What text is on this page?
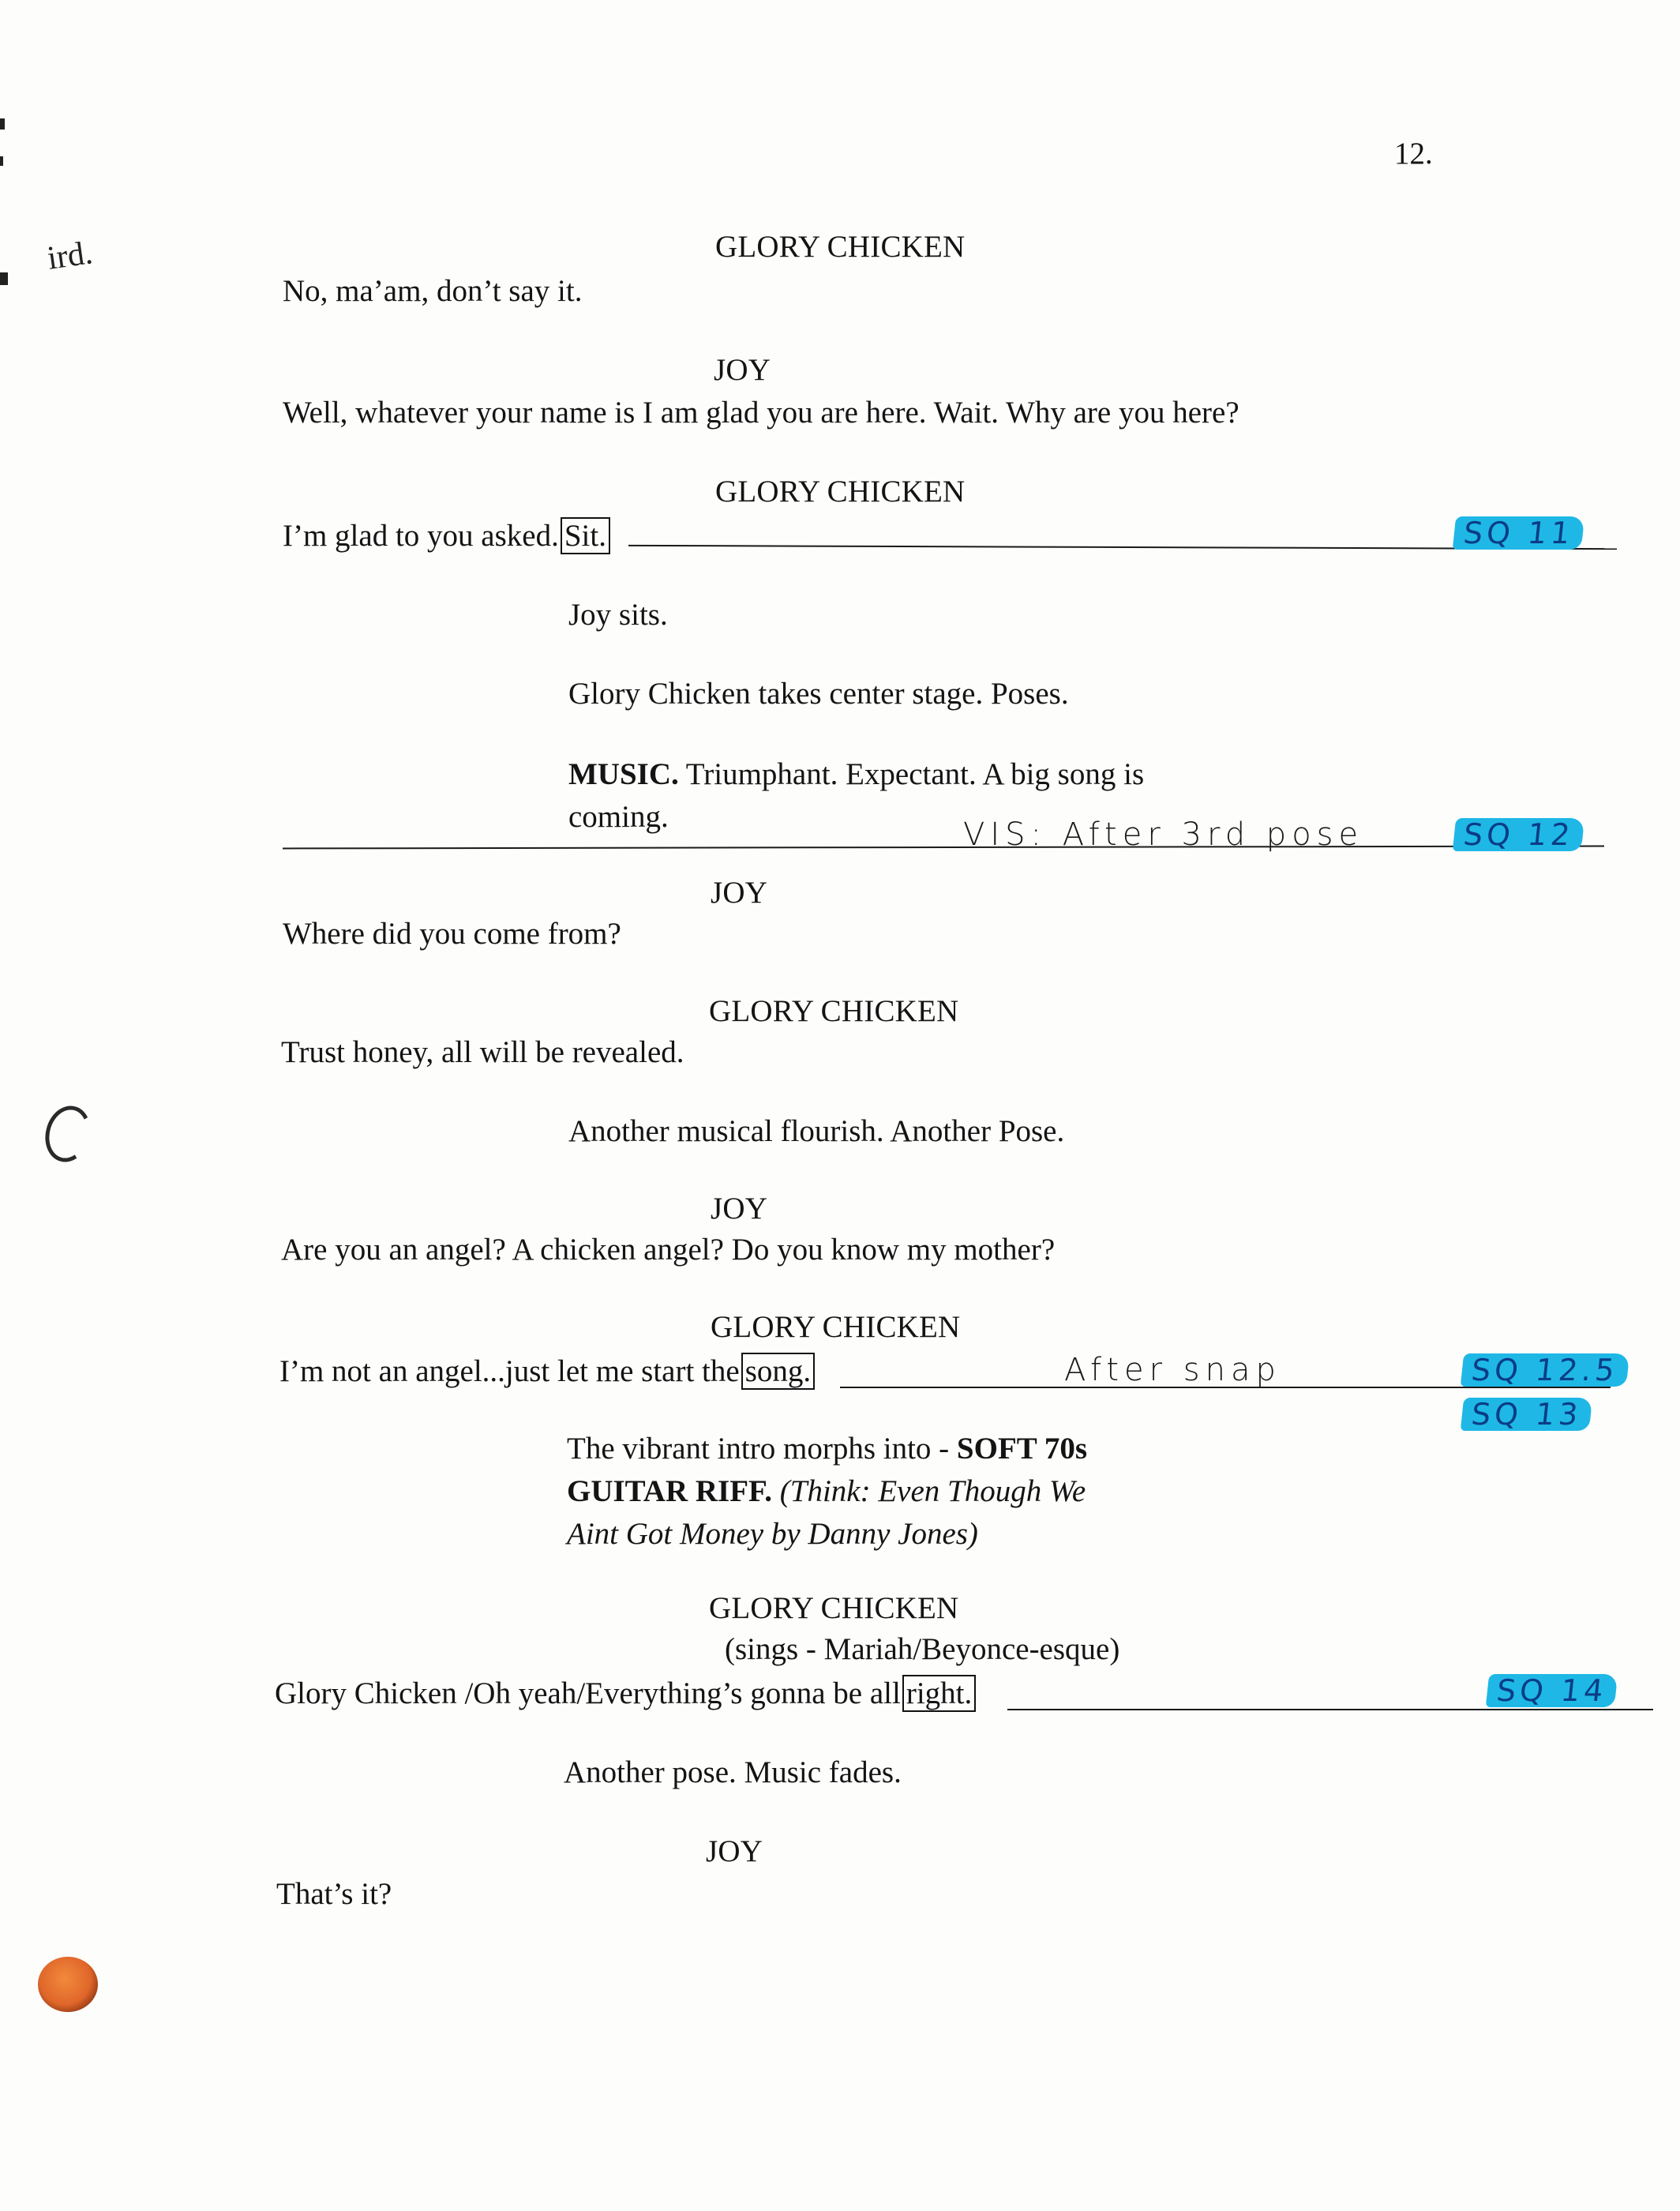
12.
ird.	GLORY CHICKEN
No, ma’am, don’t say it.
JOY
Well, whatever your name is I am glad you are here. Wait. Why are you here?
GLORY CHICKEN
I’m glad to you asked. Sit.	SQ 11
Joy sits.
Glory Chicken takes center stage. Poses.
MUSIC. Triumphant. Expectant. A big song is coming.	VIS: After 3rd pose	SQ 12
JOY
Where did you come from?
GLORY CHICKEN
Trust honey, all will be revealed.
Another musical flourish. Another Pose.
JOY
Are you an angel? A chicken angel? Do you know my mother?
GLORY CHICKEN
I’m not an angel...just let me start the song.	After snap	SQ 12.5
SQ 13
The vibrant intro morphs into - SOFT 70s GUITAR RIFF. (Think: Even Though We Aint Got Money by Danny Jones)
GLORY CHICKEN
(sings - Mariah/Beyonce-esque)
Glory Chicken /Oh yeah/Everything’s gonna be all right.	SQ 14
Another pose. Music fades.
JOY
That’s it?
